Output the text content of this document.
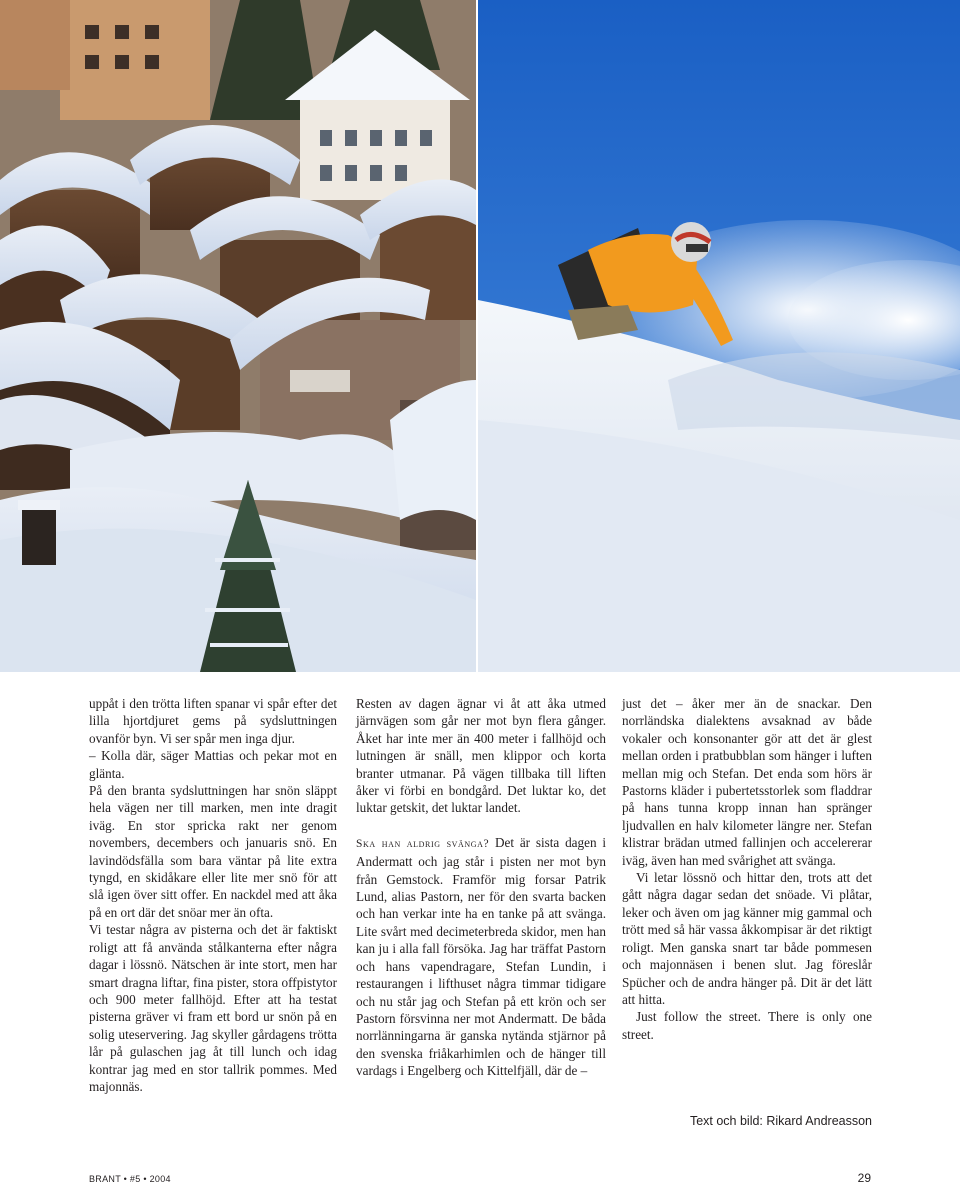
uppåt i den trötta liften spanar vi spår efter det lilla hjortdjuret gems på sydsluttningen ovanför byn. Vi ser spår men inga djur.

– Kolla där, säger Mattias och pekar mot en glänta.

På den branta sydsluttningen har snön släppt hela vägen ner till marken, men inte dragit iväg. En stor spricka rakt ner genom novembers, decembers och januaris snö. En lavindödsfälla som bara väntar på lite extra tyngd, en skidåkare eller lite mer snö för att slå igen över sitt offer. En nackdel med att åka på en ort där det snöar mer än ofta.

Vi testar några av pisterna och det är faktiskt roligt att få använda stålkanterna efter några dagar i lössnö. Nätschen är inte stort, men har smart dragna liftar, fina pister, stora offpistytor och 900 meter fallhöjd. Efter att ha testat pisterna gräver vi fram ett bord ur snön på en solig uteservering. Jag skyller gårdagens trötta lår på gulaschen jag åt till lunch och idag kontrar jag med en stor tallrik pommes. Med majonnäs.

Resten av dagen ägnar vi åt att åka utmed järnvägen som går ner mot byn flera gånger. Åket har inte mer än 400 meter i fallhöjd och lutningen är snäll, men klippor och korta branter utmanar. På vägen tillbaka till liften åker vi förbi en bondgård. Det luktar ko, det luktar getskit, det luktar landet.

Ska han aldrig svänga? Det är sista dagen i Andermatt och jag står i pisten ner mot byn från Gemstock. Framför mig forsar Patrik Lund, alias Pastorn, ner för den svarta backen och han verkar inte ha en tanke på att svänga. Lite svårt med decimeterbreda skidor, men han kan ju i alla fall försöka. Jag har träffat Pastorn och hans vapendragare, Stefan Lundin, i restaurangen i lifthuset några timmar tidigare och nu står jag och Stefan på ett krön och ser Pastorn försvinna ner mot Andermatt. De båda norrlänningarna är ganska nytända stjärnor på den svenska friåkarhimlen och de hänger till vardags i Engelberg och Kittelfjäll, där de –

just det – åker mer än de snackar. Den norrländska dialektens avsaknad av både vokaler och konsonanter gör att det är glest mellan orden i pratbubblan som hänger i luften mellan mig och Stefan. Det enda som hörs är Pastorns kläder i pubertetsstorlek som fladdrar på hans tunna kropp innan han spränger ljudvallen en halv kilometer längre ner. Stefan klistrar brädan utmed fallinjen och accelererar iväg, även han med svårighet att svänga.

Vi letar lössnö och hittar den, trots att det gått några dagar sedan det snöade. Vi plåtar, leker och även om jag känner mig gammal och trött med så här vassa åkkompisar är det riktigt roligt. Men ganska snart tar både pommesen och majonnäsen i benen slut. Jag föreslår Spücher och de andra hänger på. Dit är det lätt att hitta.

Just follow the street. There is only one street.

Text och bild: Rikard Andreasson
BRANT • #5 • 2004	29
